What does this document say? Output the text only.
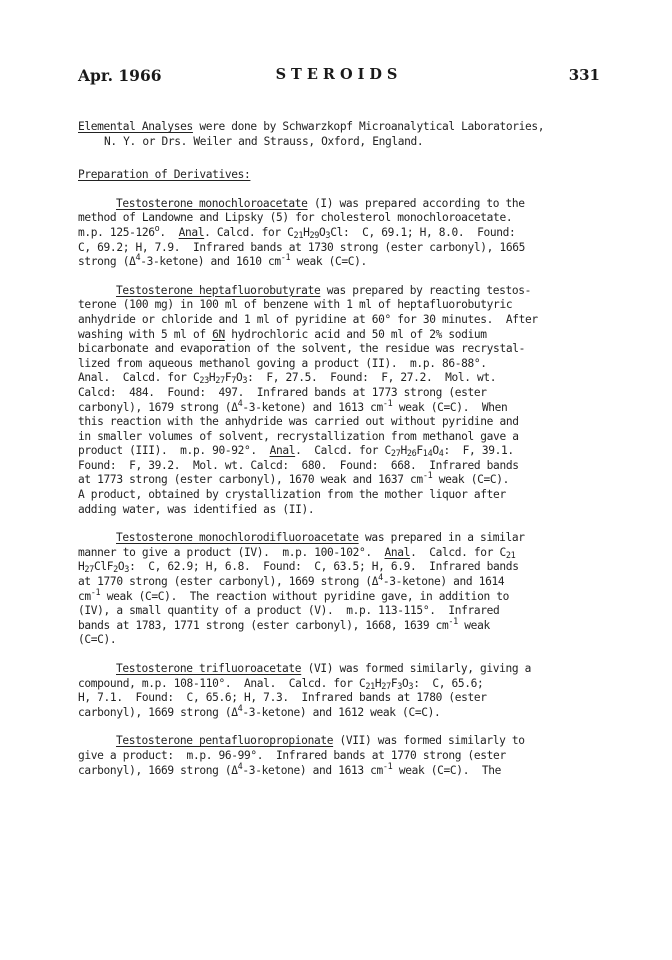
Apr. 1966	STEROIDS	331
Elemental Analyses were done by Schwarzkopf Microanalytical Laboratories,
N. Y. or Drs. Weiler and Strauss, Oxford, England.

Preparation of Derivatives:

Testosterone monochloroacetate (I) was prepared according to the
method of Landowne and Lipsky (5) for cholesterol monochloroacetate.
m.p. 125-126$^o$.  Anal. Calcd. for $C_{21}H_{29}O_3Cl$:  C, 69.1; H, 8.0.  Found:
C, 69.2; H, 7.9.  Infrared bands at 1730 strong (ester carbonyl), 1665
strong $(\Delta^4-3-ketone)$ and 1610 $cm^{-1}$ weak (C=C).
Testosterone heptafluorobutyrate was prepared by reacting testos-
terone (100 mg) in 100 ml of benzene with 1 ml of heptafluorobutyric
anhydride or chloride and 1 ml of pyridine at 60° for 30 minutes.  After
washing with 5 ml of 6N hydrochloric acid and 50 ml of 2% sodium
bicarbonate and evaporation of the solvent, the residue was recrystal-
lized from aqueous methanol goving a product (II).  m.p. 86-88°.
Anal.  Calcd. for $C_{23}H_{27}F_7O_3$:  F, 27.5.  Found:  F, 27.2.  Mol. wt.
Calcd:  484.  Found:  497.  Infrared bands at 1773 strong (ester
carbonyl), 1679 strong $(\Delta^4-3-ketone)$ and 1613 $cm^{-1}$ weak (C=C).  When
this reaction with the anhydride was carried out without pyridine and
in smaller volumes of solvent, recrystallization from methanol gave a
product (III).  m.p. 90-92°.  Anal.  Calcd. for $C_{27}H_{26}F_{14}O_4$:  F, 39.1.
Found:  F, 39.2.  Mol. wt. Calcd:  680.  Found:  668.  Infrared bands
at 1773 strong (ester carbonyl), 1670 weak and 1637 $cm^{-1}$ weak (C=C).
A product, obtained by crystallization from the mother liquor after
adding water, was identified as (II).
Testosterone monochlorodifluoroacetate was prepared in a similar
manner to give a product (IV).  m.p. 100-102°.  Anal.  Calcd. for $C_{21}$
$H_{27}ClF_2O_3$:  C, 62.9; H, 6.8.  Found:  C, 63.5; H, 6.9.  Infrared bands
at 1770 strong (ester carbonyl), 1669 strong $(\Delta^4-3-ketone)$ and 1614
$cm^{-1}$ weak (C=C).  The reaction without pyridine gave, in addition to
(IV), a small quantity of a product (V).  m.p. 113-115°.  Infrared
bands at 1783, 1771 strong (ester carbonyl), 1668, 1639 $cm^{-1}$ weak
(C=C).
Testosterone trifluoroacetate (VI) was formed similarly, giving a
compound, m.p. 108-110°.  Anal.  Calcd. for $C_{21}H_{27}F_3O_3$:  C, 65.6;
H, 7.1.  Found:  C, 65.6; H, 7.3.  Infrared bands at 1780 (ester
carbonyl), 1669 strong $(\Delta^4-3-ketone)$ and 1612 weak (C=C).
Testosterone pentafluoropropionate (VII) was formed similarly to
give a product:  m.p. 96-99°.  Infrared bands at 1770 strong (ester
carbonyl), 1669 strong $(\Delta^4-3-ketone)$ and 1613 $cm^{-1}$ weak (C=C).  The
